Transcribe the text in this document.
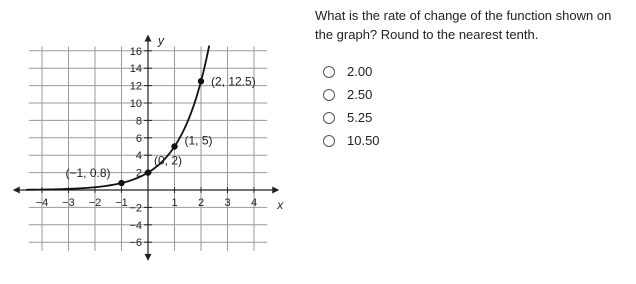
x
y
−4 −3 −2 −1	1 2 3 4
−6
−4
−2
2
4
6
8
10
12
14
16
(−1, 0.8)
(0, 2)
(1, 5)
(2, 12.5)

What is the rate of change of the function shown on the graph? Round to the nearest tenth.

2.00
2.50
5.25
10.50
